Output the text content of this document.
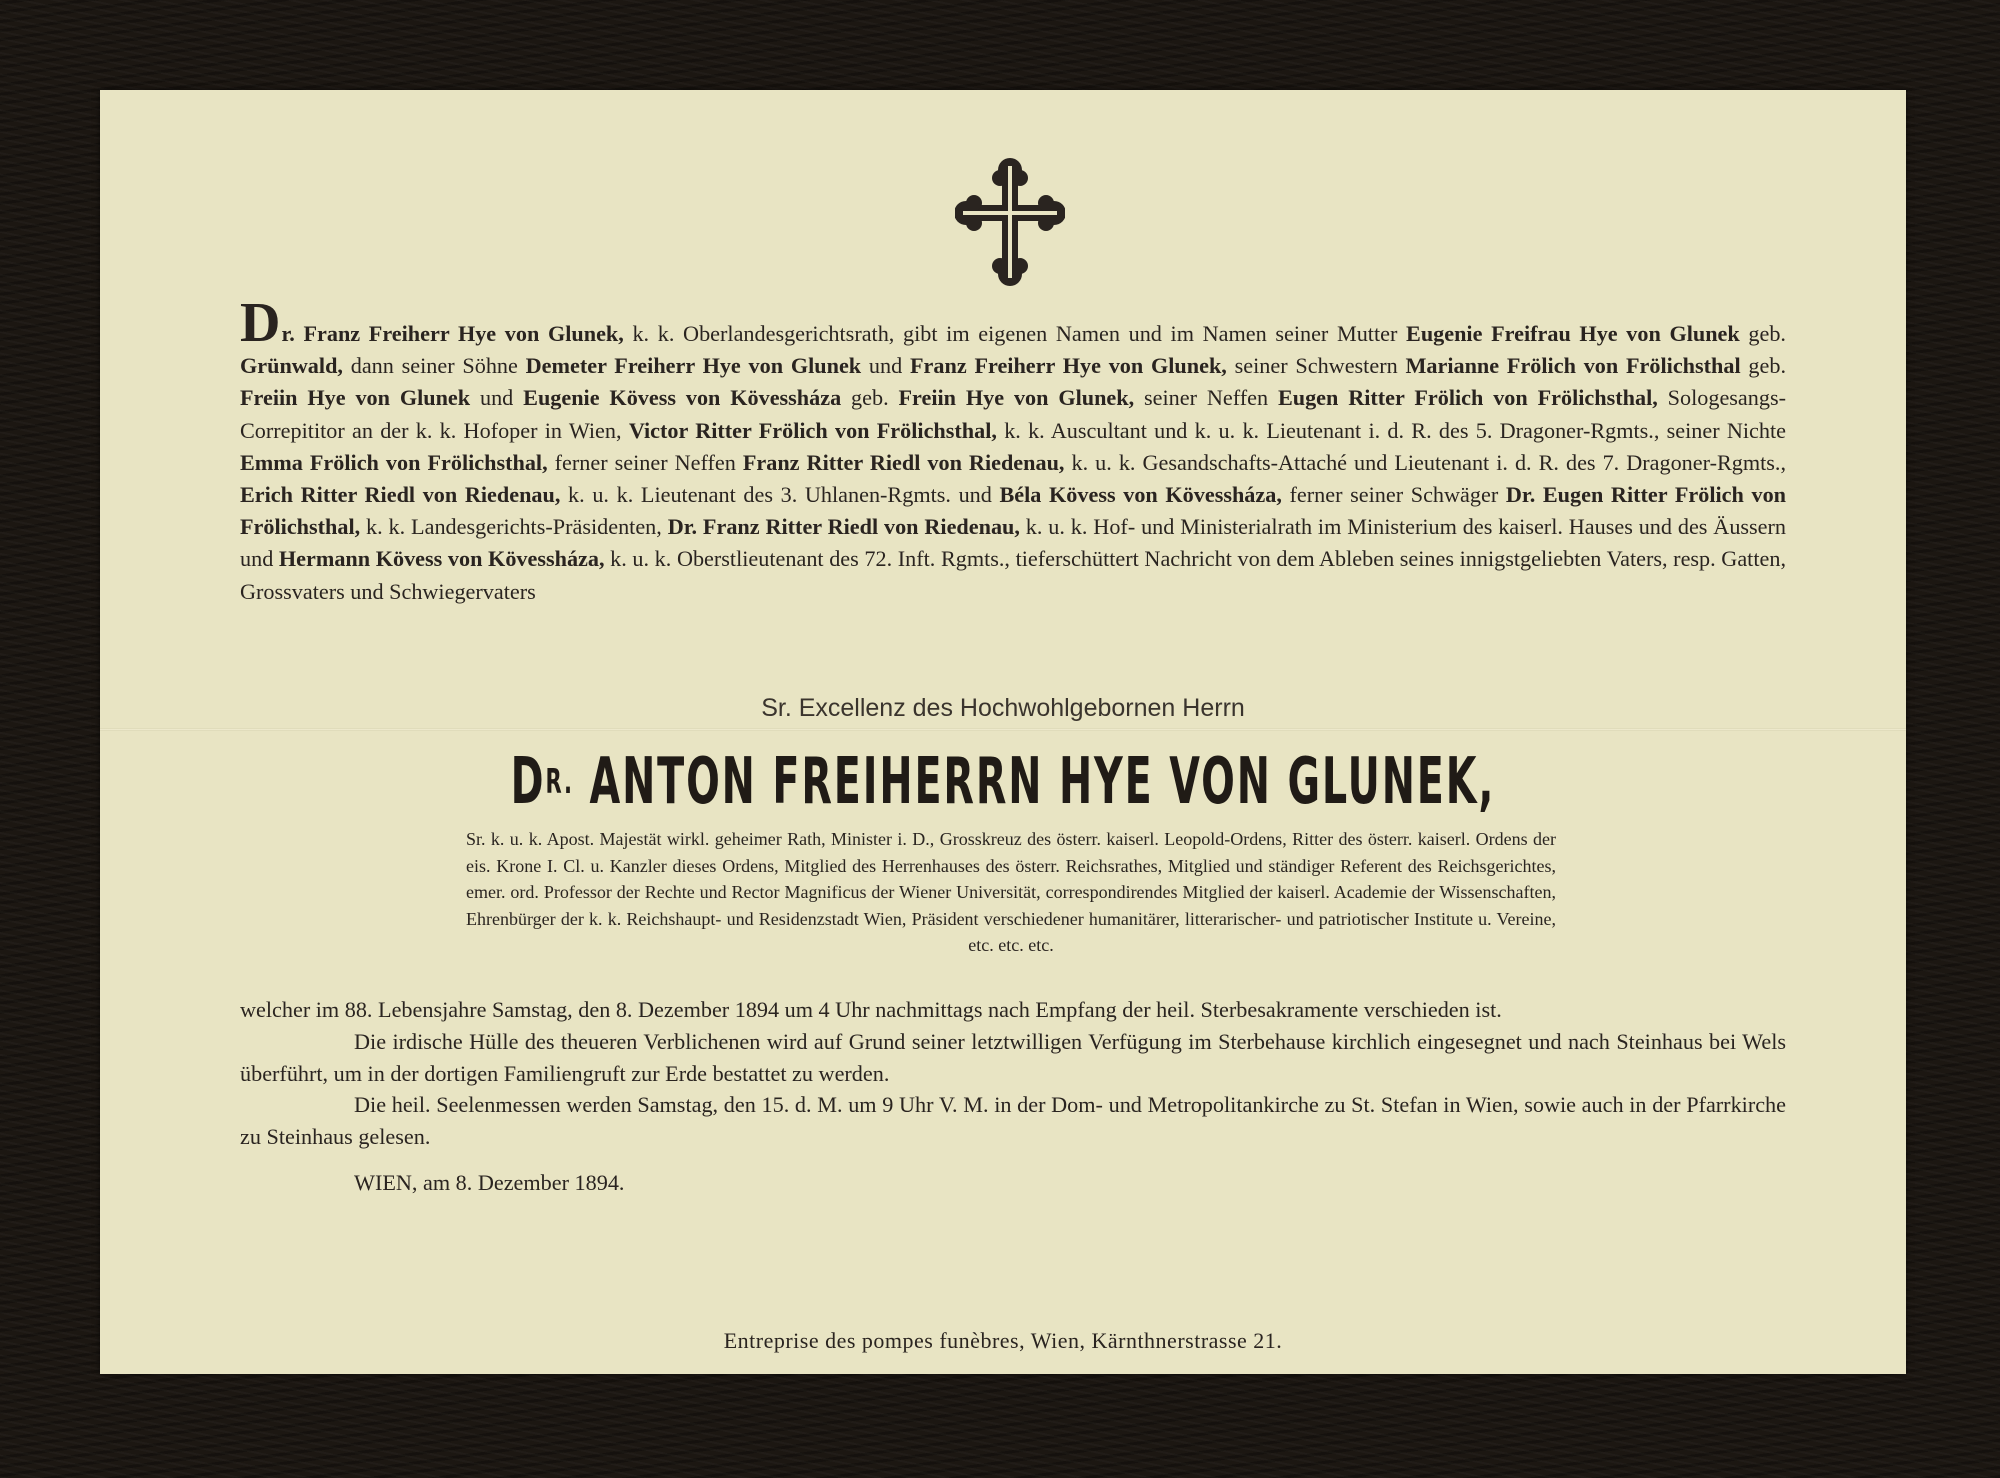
Dr. Franz Freiherr Hye von Glunek, k. k. Oberlandesgerichtsrath, gibt im eigenen Namen und im Namen seiner Mutter Eugenie Freifrau Hye von Glunek geb. Grünwald, dann seiner Söhne Demeter Freiherr Hye von Glunek und Franz Freiherr Hye von Glunek, seiner Schwestern Marianne Frölich von Frölichsthal geb. Freiin Hye von Glunek und Eugenie Kövess von Kövessháza geb. Freiin Hye von Glunek, seiner Neffen Eugen Ritter Frölich von Frölichsthal, Sologesangs-Correpititor an der k. k. Hofoper in Wien, Victor Ritter Frölich von Frölichsthal, k. k. Auscultant und k. u. k. Lieutenant i. d. R. des 5. Dragoner-Rgmts., seiner Nichte Emma Frölich von Frölichsthal, ferner seiner Neffen Franz Ritter Riedl von Riedenau, k. u. k. Gesandschafts-Attaché und Lieutenant i. d. R. des 7. Dragoner-Rgmts., Erich Ritter Riedl von Riedenau, k. u. k. Lieutenant des 3. Uhlanen-Rgmts. und Béla Kövess von Kövessháza, ferner seiner Schwäger Dr. Eugen Ritter Frölich von Frölichsthal, k. k. Landesgerichts-Präsidenten, Dr. Franz Ritter Riedl von Riedenau, k. u. k. Hof- und Ministerialrath im Ministerium des kaiserl. Hauses und des Äussern und Hermann Kövess von Kövessháza, k. u. k. Oberstlieutenant des 72. Inft. Rgmts., tieferschüttert Nachricht von dem Ableben seines innigstgeliebten Vaters, resp. Gatten, Grossvaters und Schwiegervaters
Sr. Excellenz des Hochwohlgebornen Herrn
$D^{R.}$ ANTON FREIHERRN HYE VON GLUNEK,
Sr. k. u. k. Apost. Majestät wirkl. geheimer Rath, Minister i. D., Grosskreuz des österr. kaiserl. Leopold-Ordens, Ritter des österr. kaiserl. Ordens der eis. Krone I. Cl. u. Kanzler dieses Ordens, Mitglied des Herrenhauses des österr. Reichsrathes, Mitglied und ständiger Referent des Reichsgerichtes, emer. ord. Professor der Rechte und Rector Magnificus der Wiener Universität, correspondirendes Mitglied der kaiserl. Academie der Wissenschaften, Ehrenbürger der k. k. Reichshaupt- und Residenzstadt Wien, Präsident verschiedener humanitärer, litterarischer- und patriotischer Institute u. Vereine, etc. etc. etc.

welcher im 88. Lebensjahre Samstag, den 8. Dezember 1894 um 4 Uhr nachmittags nach Empfang der heil. Sterbesakramente verschieden ist.

Die irdische Hülle des theueren Verblichenen wird auf Grund seiner letztwilligen Verfügung im Sterbehause kirchlich eingesegnet und nach Steinhaus bei Wels überführt, um in der dortigen Familiengruft zur Erde bestattet zu werden.

Die heil. Seelenmessen werden Samstag, den 15. d. M. um 9 Uhr V. M. in der Dom- und Metropolitankirche zu St. Stefan in Wien, sowie auch in der Pfarrkirche zu Steinhaus gelesen.

WIEN, am 8. Dezember 1894.
Entreprise des pompes funèbres, Wien, Kärnthnerstrasse 21.
